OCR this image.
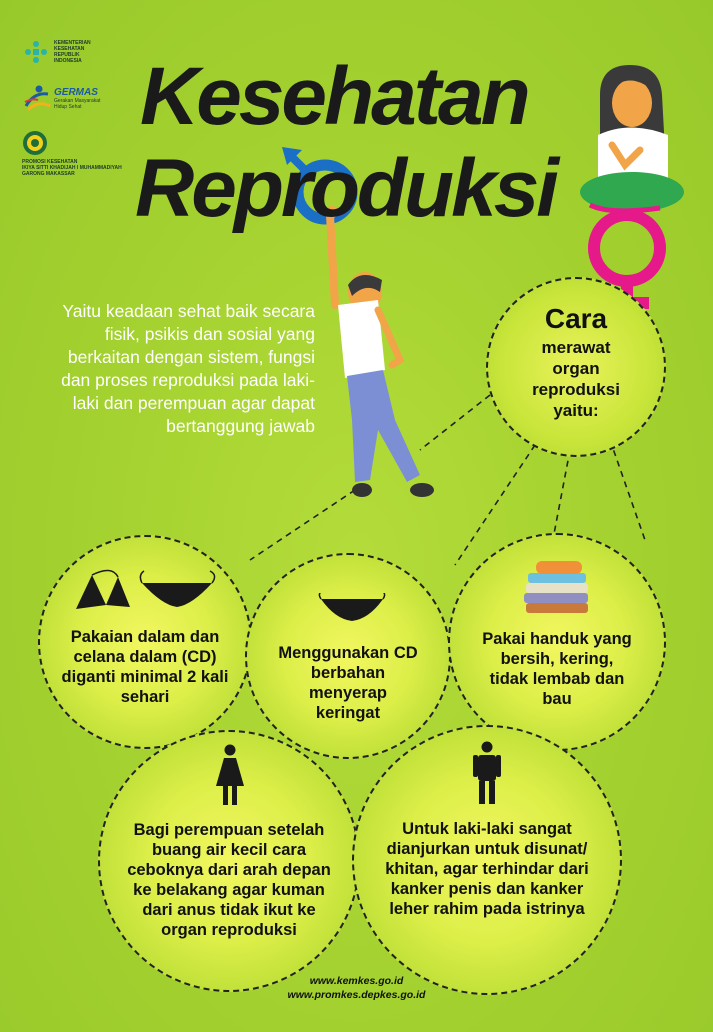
KEMENTERIAN
KESEHATAN
REPUBLIK
INDONESIA
GERMAS
Gerakan Masyarakat Hidup Sehat
PROMOSI KESEHATAN
IKIYA SITTI KHADIJAH I MUHAMMADIYAH
GARONG MAKASSAR
Kesehatan
Reproduksi
Yaitu keadaan sehat baik secara fisik, psikis dan sosial yang berkaitan dengan sistem, fungsi dan proses reproduksi pada laki-laki dan perempuan agar dapat bertanggung jawab
Cara
merawat organ reproduksi yaitu:
Pakaian dalam dan celana dalam (CD) diganti minimal 2 kali sehari
Menggunakan CD berbahan menyerap keringat
Pakai handuk yang bersih, kering, tidak lembab dan bau
Bagi perempuan setelah buang air kecil cara ceboknya dari arah depan ke belakang agar kuman dari anus tidak ikut ke organ reproduksi
Untuk laki-laki sangat dianjurkan untuk disunat/ khitan, agar terhindar dari kanker penis dan kanker leher rahim pada istrinya
www.kemkes.go.id
www.promkes.depkes.go.id
